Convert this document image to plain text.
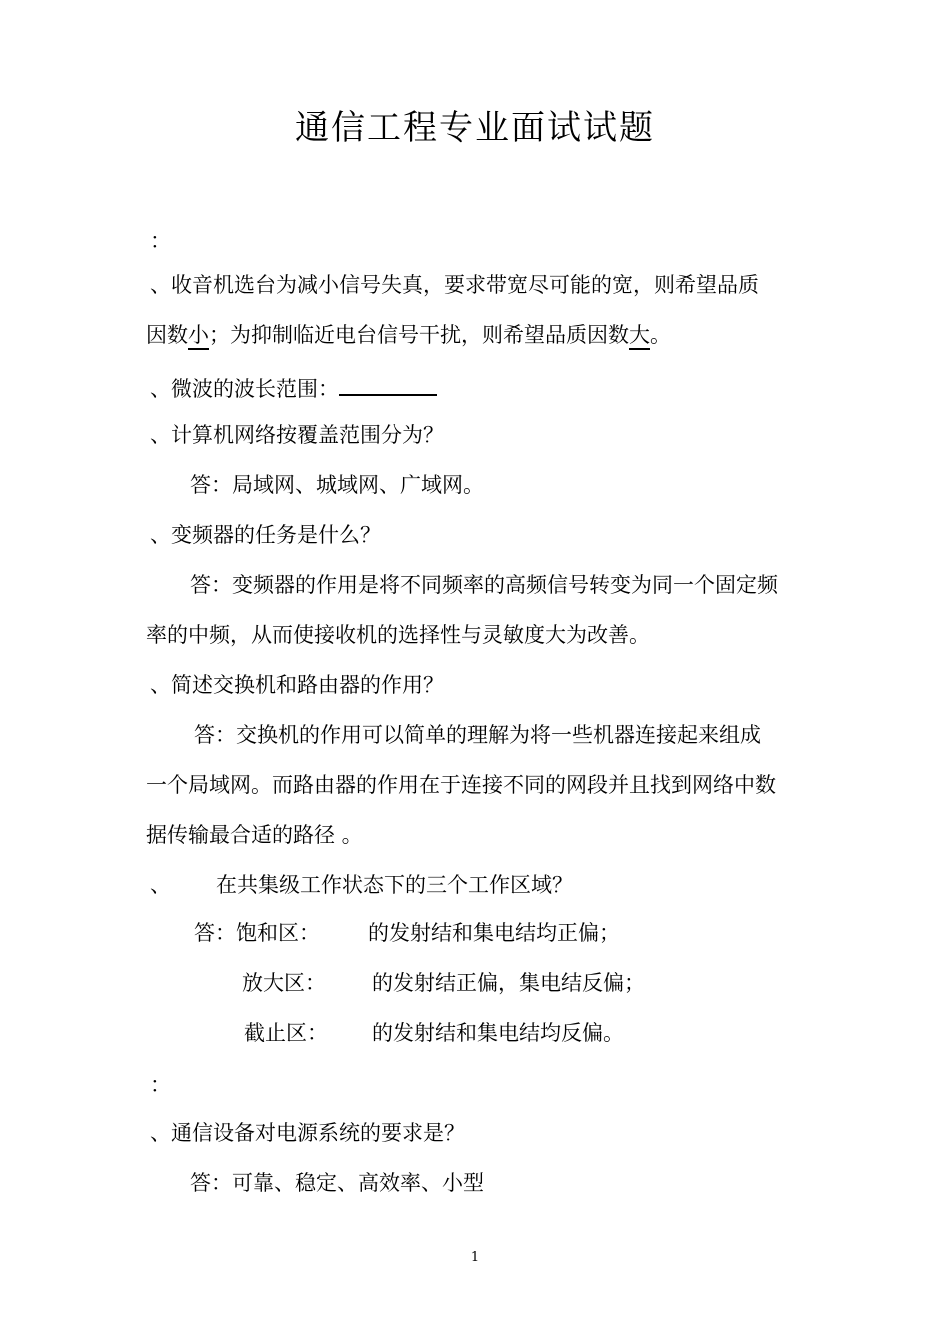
通信工程专业面试试题
：
、收音机选台为减小信号失真，要求带宽尽可能的宽，则希望品质
因数小；为抑制临近电台信号干扰，则希望品质因数大。
、微波的波长范围：
、计算机网络按覆盖范围分为？
答：局域网、城域网、广域网。
、变频器的任务是什么？
答：变频器的作用是将不同频率的高频信号转变为同一个固定频
率的中频，从而使接收机的选择性与灵敏度大为改善。
、简述交换机和路由器的作用？
答：交换机的作用可以简单的理解为将一些机器连接起来组成
一个局域网。而路由器的作用在于连接不同的网段并且找到网络中数
据传输最合适的路径 。
、 在共集级工作状态下的三个工作区域？
答：饱和区： 的发射结和集电结均正偏；
放大区： 的发射结正偏，集电结反偏；
截止区： 的发射结和集电结均反偏。
：
、通信设备对电源系统的要求是？
答：可靠、稳定、高效率、小型
1
